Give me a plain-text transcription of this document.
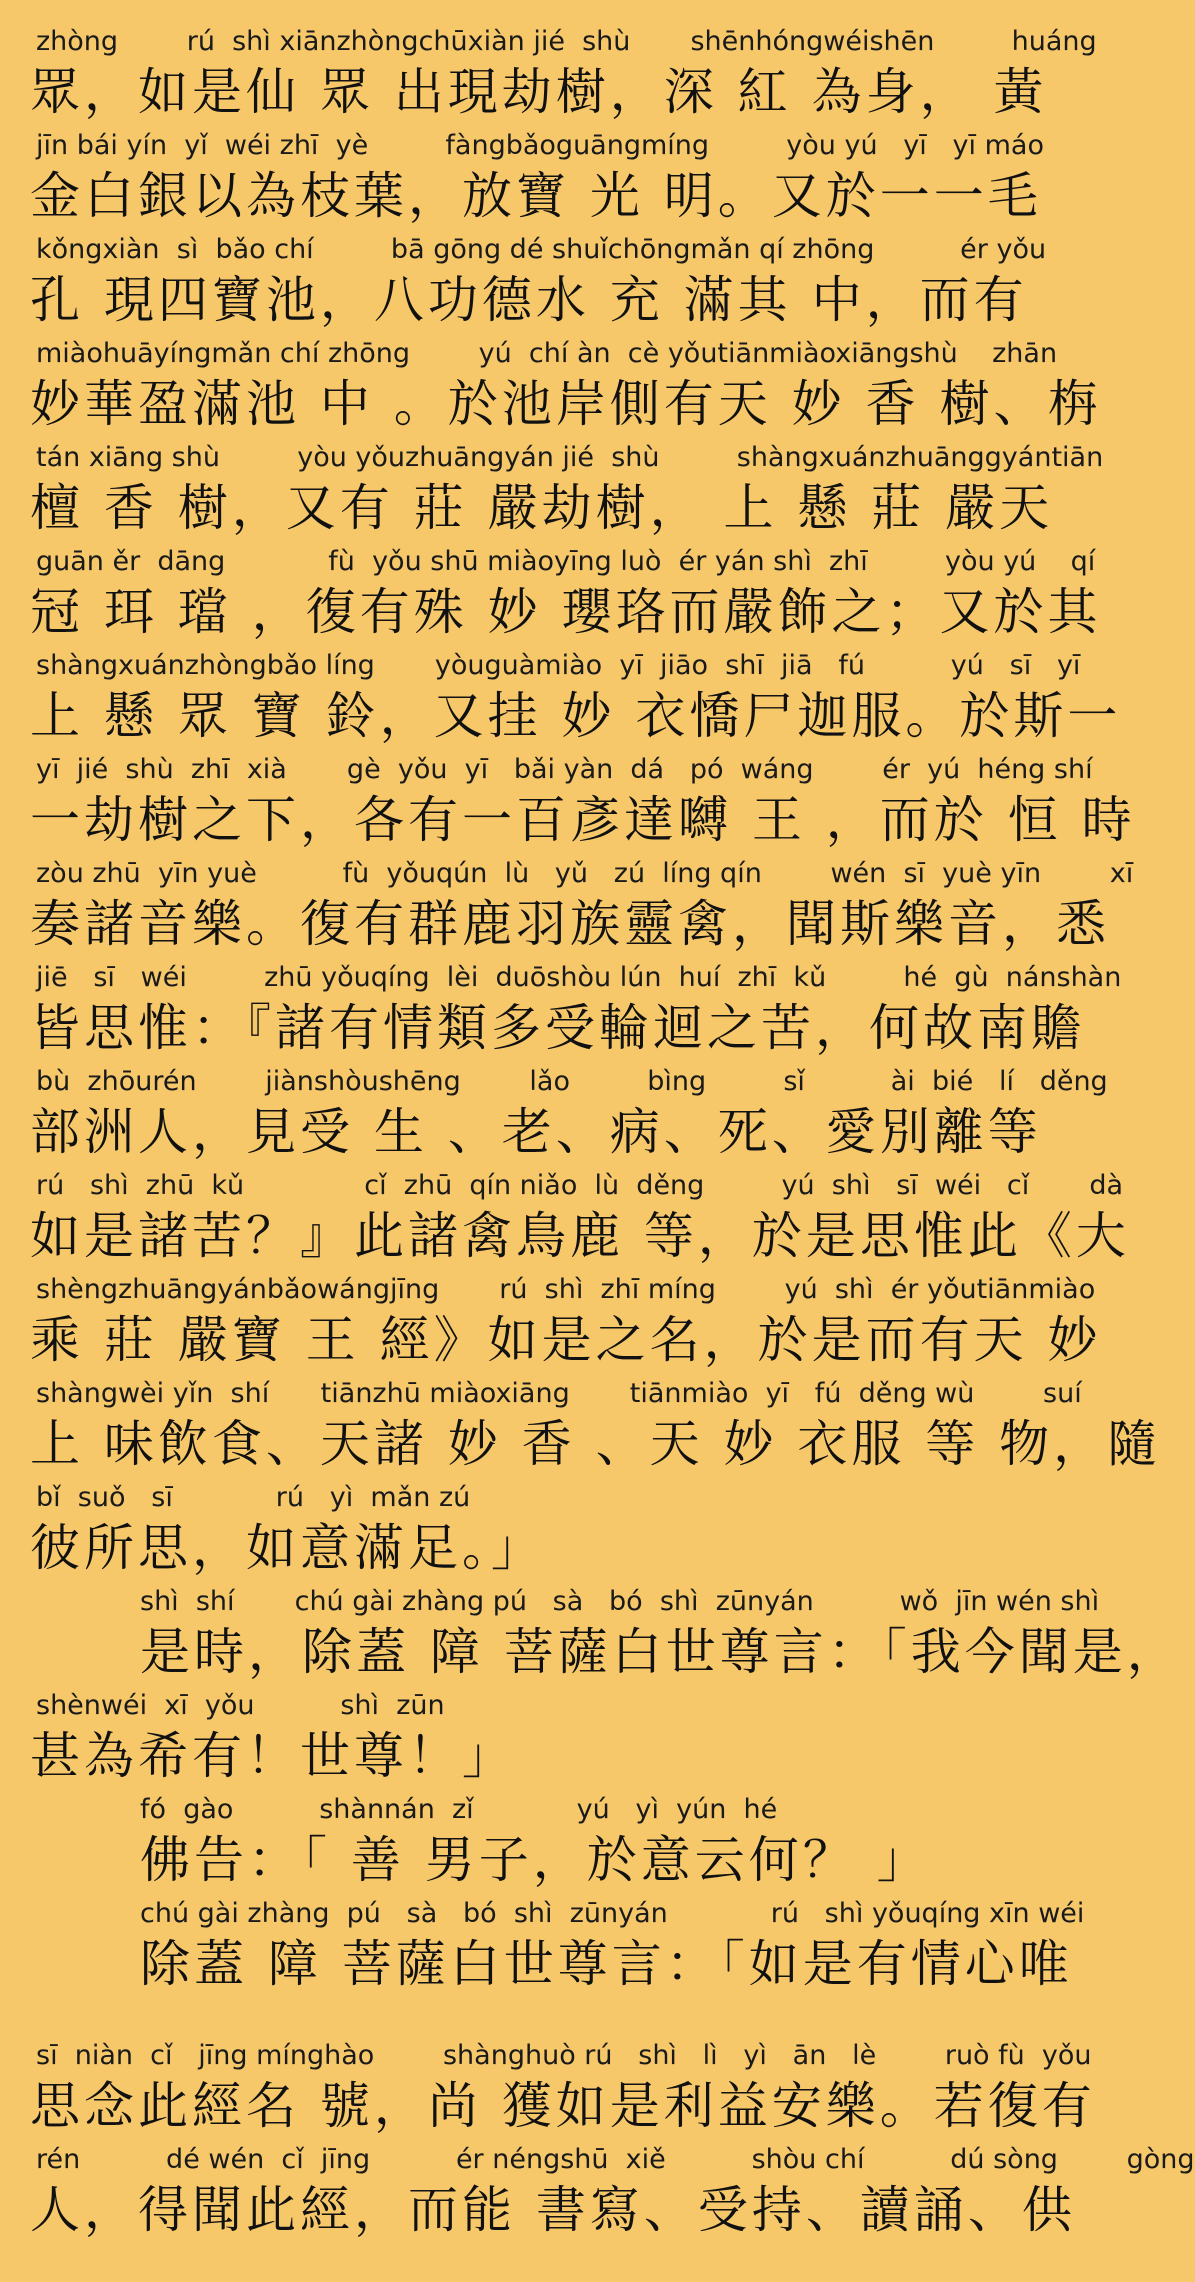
zhòng        rú  shì xiānzhòngchūxiàn jié  shù       shēnhóngwéishēn         huáng
眾，如是仙 眾 出現劫樹，深 紅 為身， 黃
jīn bái yín  yǐ  wéi zhī  yè         fàngbǎoguāngmíng         yòu yú   yī   yī máo
金白銀以為枝葉，放寶 光 明。又於一一毛
kǒngxiàn  sì  bǎo chí         bā gōng dé shuǐchōngmǎn qí zhōng          ér yǒu
孔 現四寶池，八功德水 充 滿其 中，而有
miàohuāyíngmǎn chí zhōng        yú  chí àn  cè yǒutiānmiàoxiāngshù    zhān
妙華盈滿池 中 。於池岸側有天 妙 香 樹、栴
tán xiāng shù         yòu yǒuzhuāngyán jié  shù         shàngxuánzhuānggyántiān
檀 香 樹，又有 莊 嚴劫樹， 上 懸 莊 嚴天
guān ěr  dāng            fù  yǒu shū miàoyīng luò  ér yán shì  zhī         yòu yú    qí
冠 珥 璫 ，復有殊 妙 瓔珞而嚴飾之；又於其
shàngxuánzhòngbǎo líng       yòuguàmiào  yī  jiāo  shī  jiā   fú          yú   sī   yī
上 懸 眾 寶 鈴，又挂 妙 衣憍尸迦服。於斯一
yī  jié  shù  zhī  xià       gè  yǒu  yī   bǎi yàn  dá   pó  wáng        ér  yú  héng shí
一劫樹之下，各有一百彥達嚩 王 ，而於 恒 時
zòu zhū  yīn yuè          fù  yǒuqún  lù   yǔ   zú  líng qín        wén  sī  yuè yīn        xī
奏諸音樂。復有群鹿羽族靈禽，聞斯樂音，悉
jiē   sī   wéi         zhū yǒuqíng  lèi  duōshòu lún  huí  zhī  kǔ         hé  gù  nánshàn
皆思惟：『諸有情類多受輪迴之苦，何故南贍
bù  zhōurén        jiànshòushēng        lǎo         bìng         sǐ          ài  bié   lí   děng
部洲人，見受 生 、老、病、死、愛別離等
rú   shì  zhū  kǔ              cǐ  zhū  qín niǎo  lù  děng         yú  shì   sī  wéi   cǐ       dà
如是諸苦？』此諸禽鳥鹿 等，於是思惟此《大
shèngzhuāngyánbǎowángjīng       rú  shì  zhī míng        yú  shì  ér yǒutiānmiào
乘 莊 嚴寶 王 經》如是之名，於是而有天 妙
shàngwèi yǐn  shí      tiānzhū miàoxiāng       tiānmiào  yī   fú  děng wù        suí
上 味飲食、天諸 妙 香 、天 妙 衣服 等 物，隨
bǐ  suǒ   sī            rú   yì  mǎn zú
彼所思，如意滿足。」
shì  shí       chú gài zhàng pú   sà   bó  shì  zūnyán          wǒ  jīn wén shì
是時，除蓋 障 菩薩白世尊言：「我今聞是，
shènwéi  xī  yǒu          shì  zūn
甚為希有！世尊！」
fó  gào          shànnán  zǐ            yú   yì  yún  hé
佛告：「 善 男子，於意云何？ 」
chú gài zhàng  pú   sà   bó  shì  zūnyán            rú   shì yǒuqíng xīn wéi
除蓋 障 菩薩白世尊言：「如是有情心唯
sī  niàn  cǐ   jīng mínghào        shànghuò rú   shì   lì   yì   ān   lè        ruò fù  yǒu
思念此經名 號，尚 獲如是利益安樂。若復有
rén          dé wén  cǐ  jīng          ér néngshū  xiě          shòu chí          dú sòng        gòng
人，得聞此經，而能 書寫、受持、讀誦、供
